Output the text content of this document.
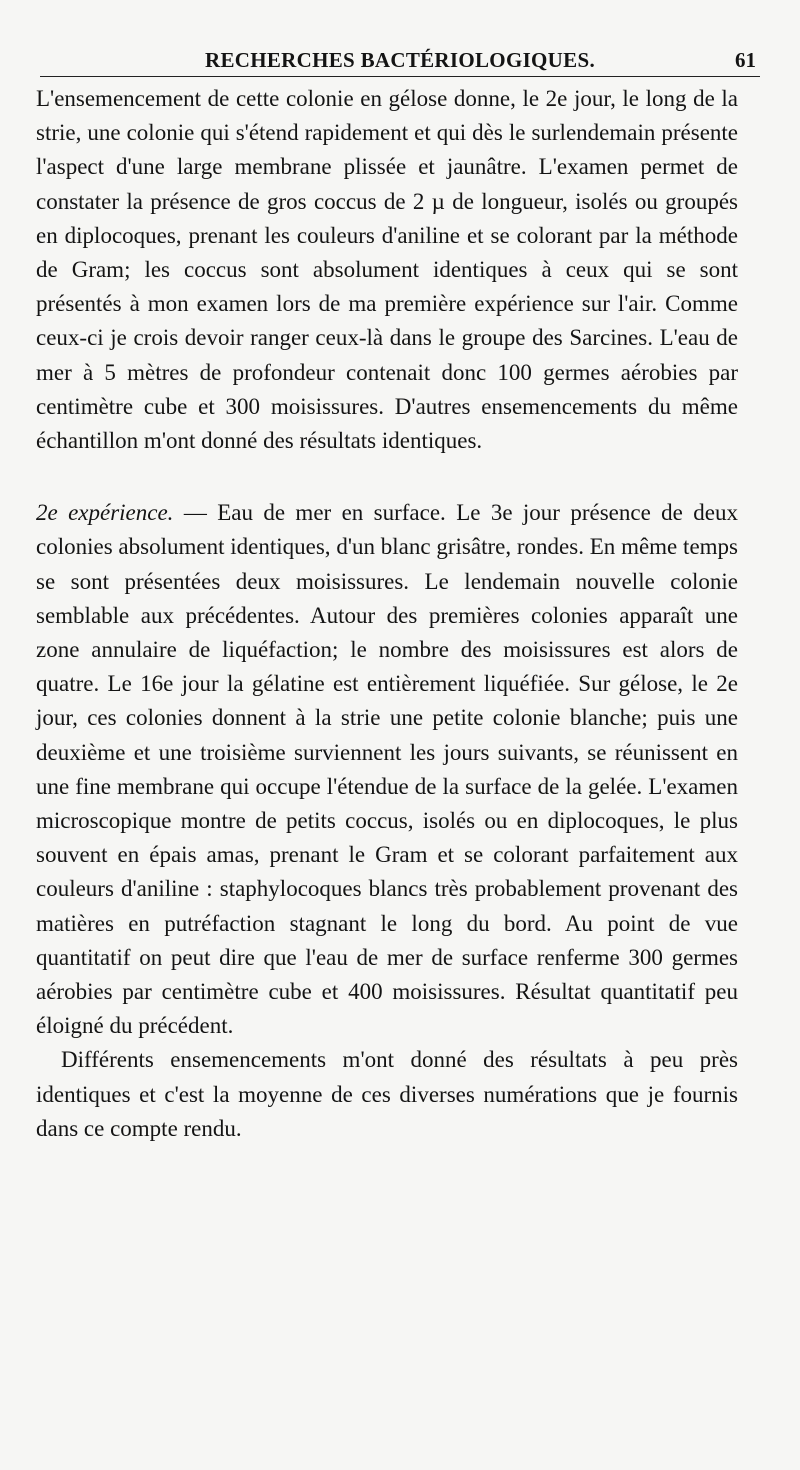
RECHERCHES BACTÉRIOLOGIQUES.	61

L'ensemencement de cette colonie en gélose donne, le 2e jour, le long de la strie, une colonie qui s'étend rapidement et qui dès le surlendemain présente l'aspect d'une large membrane plissée et jaunâtre. L'examen permet de constater la présence de gros coccus de 2 µ de longueur, isolés ou groupés en diplocoques, prenant les couleurs d'aniline et se colorant par la méthode de Gram; les coccus sont absolument identiques à ceux qui se sont présentés à mon examen lors de ma première expérience sur l'air. Comme ceux-ci je crois devoir ranger ceux-là dans le groupe des Sarcines. L'eau de mer à 5 mètres de profondeur contenait donc 100 germes aérobies par centimètre cube et 300 moisissures. D'autres ensemencements du même échantillon m'ont donné des résultats identiques.

2e expérience. — Eau de mer en surface. Le 3e jour présence de deux colonies absolument identiques, d'un blanc grisâtre, rondes. En même temps se sont présentées deux moisissures. Le lendemain nouvelle colonie semblable aux précédentes. Autour des premières colonies apparaît une zone annulaire de liquéfaction; le nombre des moisissures est alors de quatre. Le 16e jour la gélatine est entièrement liquéfiée. Sur gélose, le 2e jour, ces colonies donnent à la strie une petite colonie blanche; puis une deuxième et une troisième surviennent les jours suivants, se réunissent en une fine membrane qui occupe l'étendue de la surface de la gelée. L'examen microscopique montre de petits coccus, isolés ou en diplocoques, le plus souvent en épais amas, prenant le Gram et se colorant parfaitement aux couleurs d'aniline : staphylocoques blancs très probablement provenant des matières en putréfaction stagnant le long du bord. Au point de vue quantitatif on peut dire que l'eau de mer de surface renferme 300 germes aérobies par centimètre cube et 400 moisissures. Résultat quantitatif peu éloigné du précédent.

Différents ensemencements m'ont donné des résultats à peu près identiques et c'est la moyenne de ces diverses numérations que je fournis dans ce compte rendu.
